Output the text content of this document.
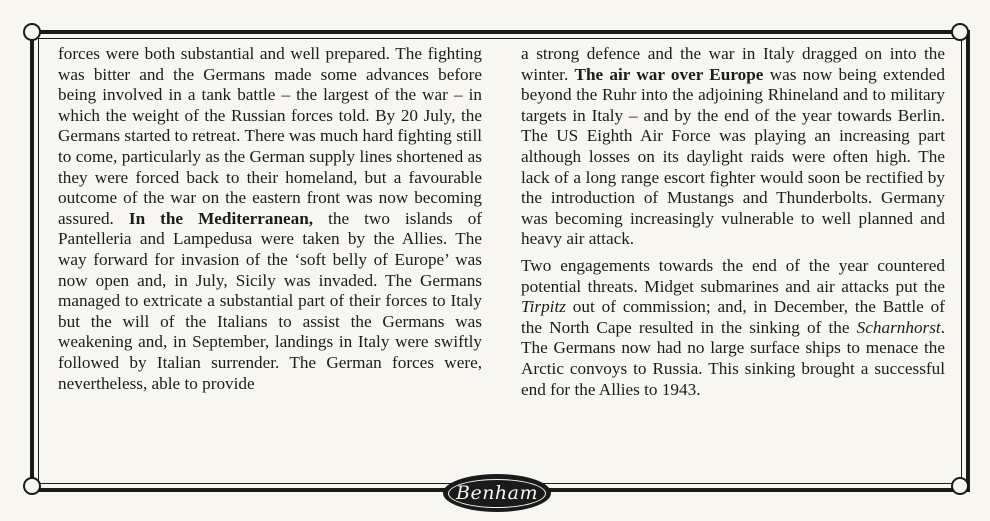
forces were both substantial and well prepared. The fighting was bitter and the Germans made some advances before being involved in a tank battle – the largest of the war – in which the weight of the Russian forces told. By 20 July, the Germans started to retreat. There was much hard fighting still to come, particularly as the German supply lines shortened as they were forced back to their homeland, but a favourable outcome of the war on the eastern front was now becoming assured. In the Mediterranean, the two islands of Pantelleria and Lampedusa were taken by the Allies. The way forward for invasion of the ‘soft belly of Europe’ was now open and, in July, Sicily was invaded. The Germans managed to extricate a substantial part of their forces to Italy but the will of the Italians to assist the Germans was weakening and, in September, landings in Italy were swiftly followed by Italian surrender. The German forces were, nevertheless, able to provide

a strong defence and the war in Italy dragged on into the winter. The air war over Europe was now being extended beyond the Ruhr into the adjoining Rhineland and to military targets in Italy – and by the end of the year towards Berlin. The US Eighth Air Force was playing an increasing part although losses on its daylight raids were often high. The lack of a long range escort fighter would soon be rectified by the introduction of Mustangs and Thunderbolts. Germany was becoming increasingly vulnerable to well planned and heavy air attack.

Two engagements towards the end of the year countered potential threats. Midget submarines and air attacks put the Tirpitz out of commission; and, in December, the Battle of the North Cape resulted in the sinking of the Scharnhorst. The Germans now had no large surface ships to menace the Arctic convoys to Russia. This sinking brought a successful end for the Allies to 1943.

Benham
